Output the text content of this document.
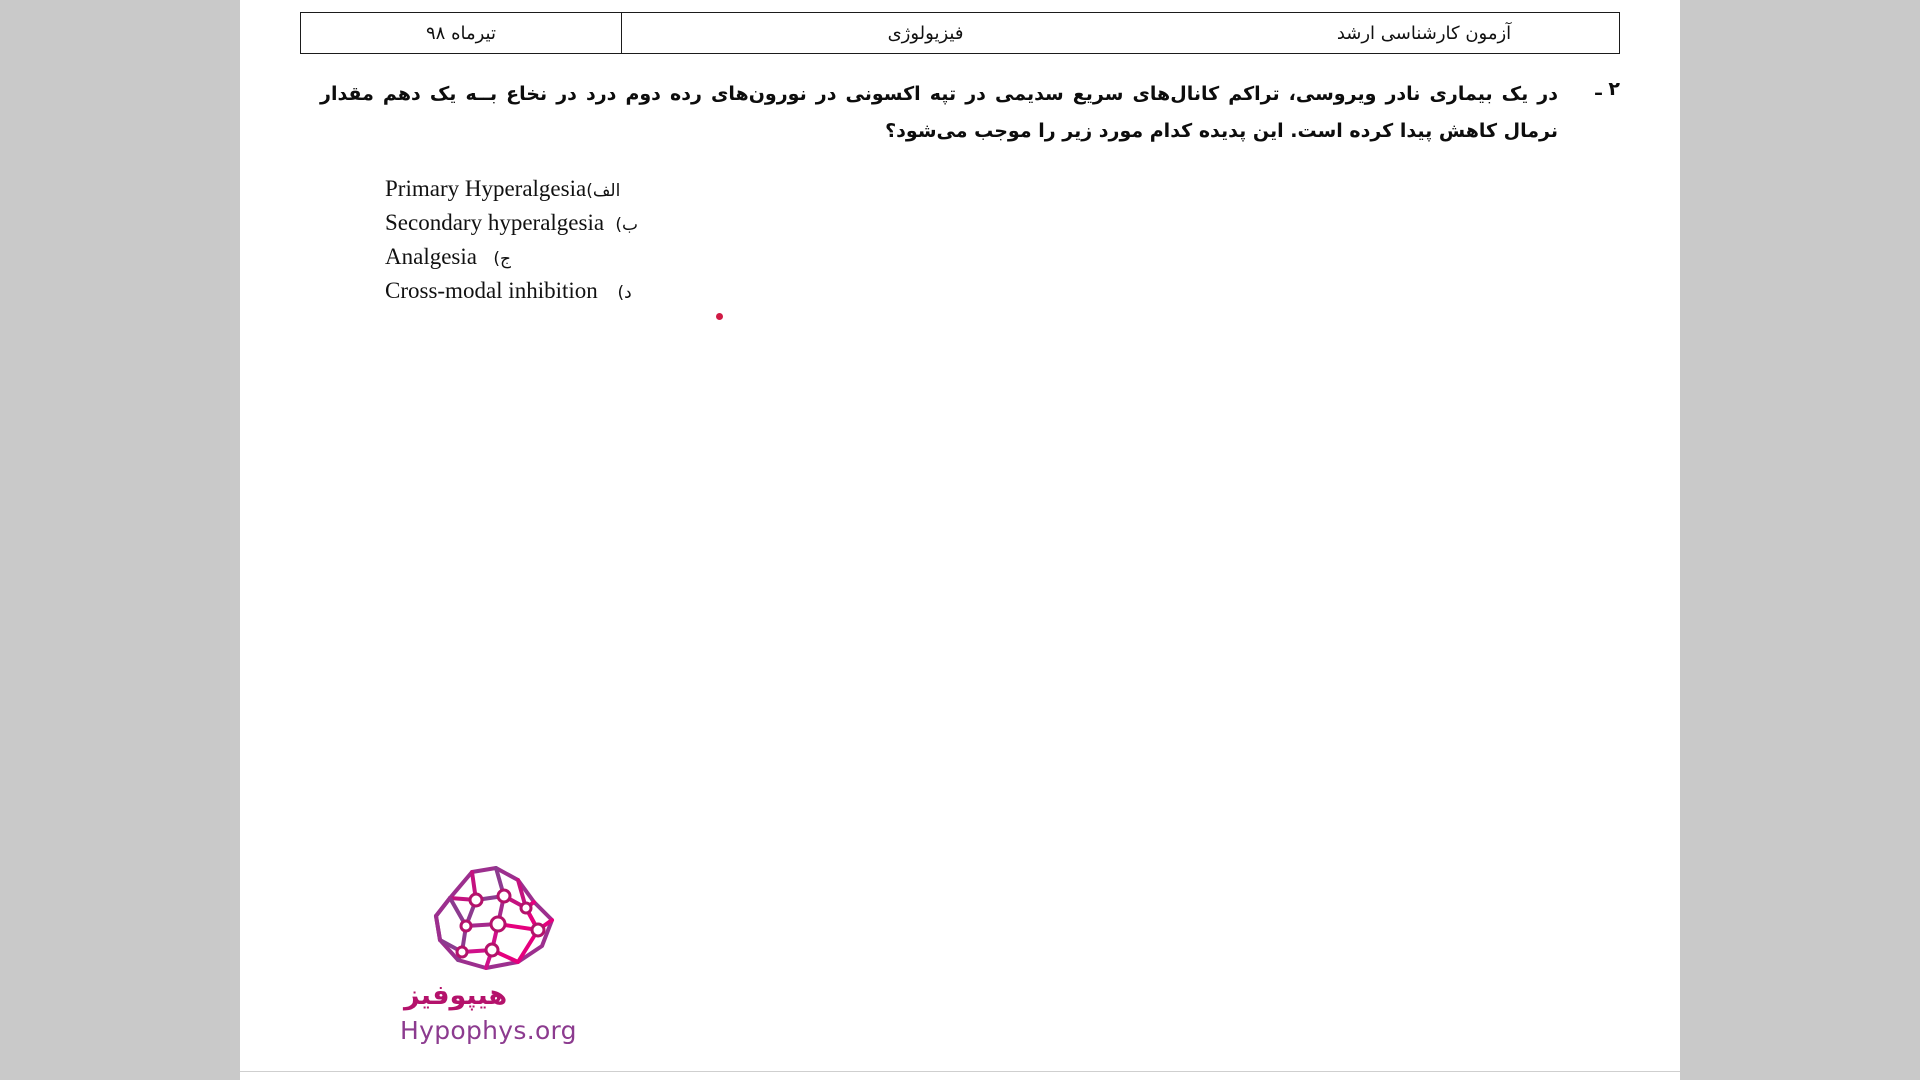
آزمون کارشناسی ارشد
فیزیولوژی
تیرماه ۹۸
۲ ـ
در یک بیماری نادر ویروسی، تراکم کانال‌های سریع سدیمی در تپه اکسونی در نورون‌های رده دوم درد در نخاع بــه یک دهم مقدار نرمال کاهش پیدا کرده است. این پدیده کدام مورد زیر را موجب می‌شود؟
الف)
Primary Hyperalgesia
ب)
Secondary hyperalgesia
ج)
Analgesia
د)
Cross-modal inhibition
هیپوفیز
Hypophys.org
